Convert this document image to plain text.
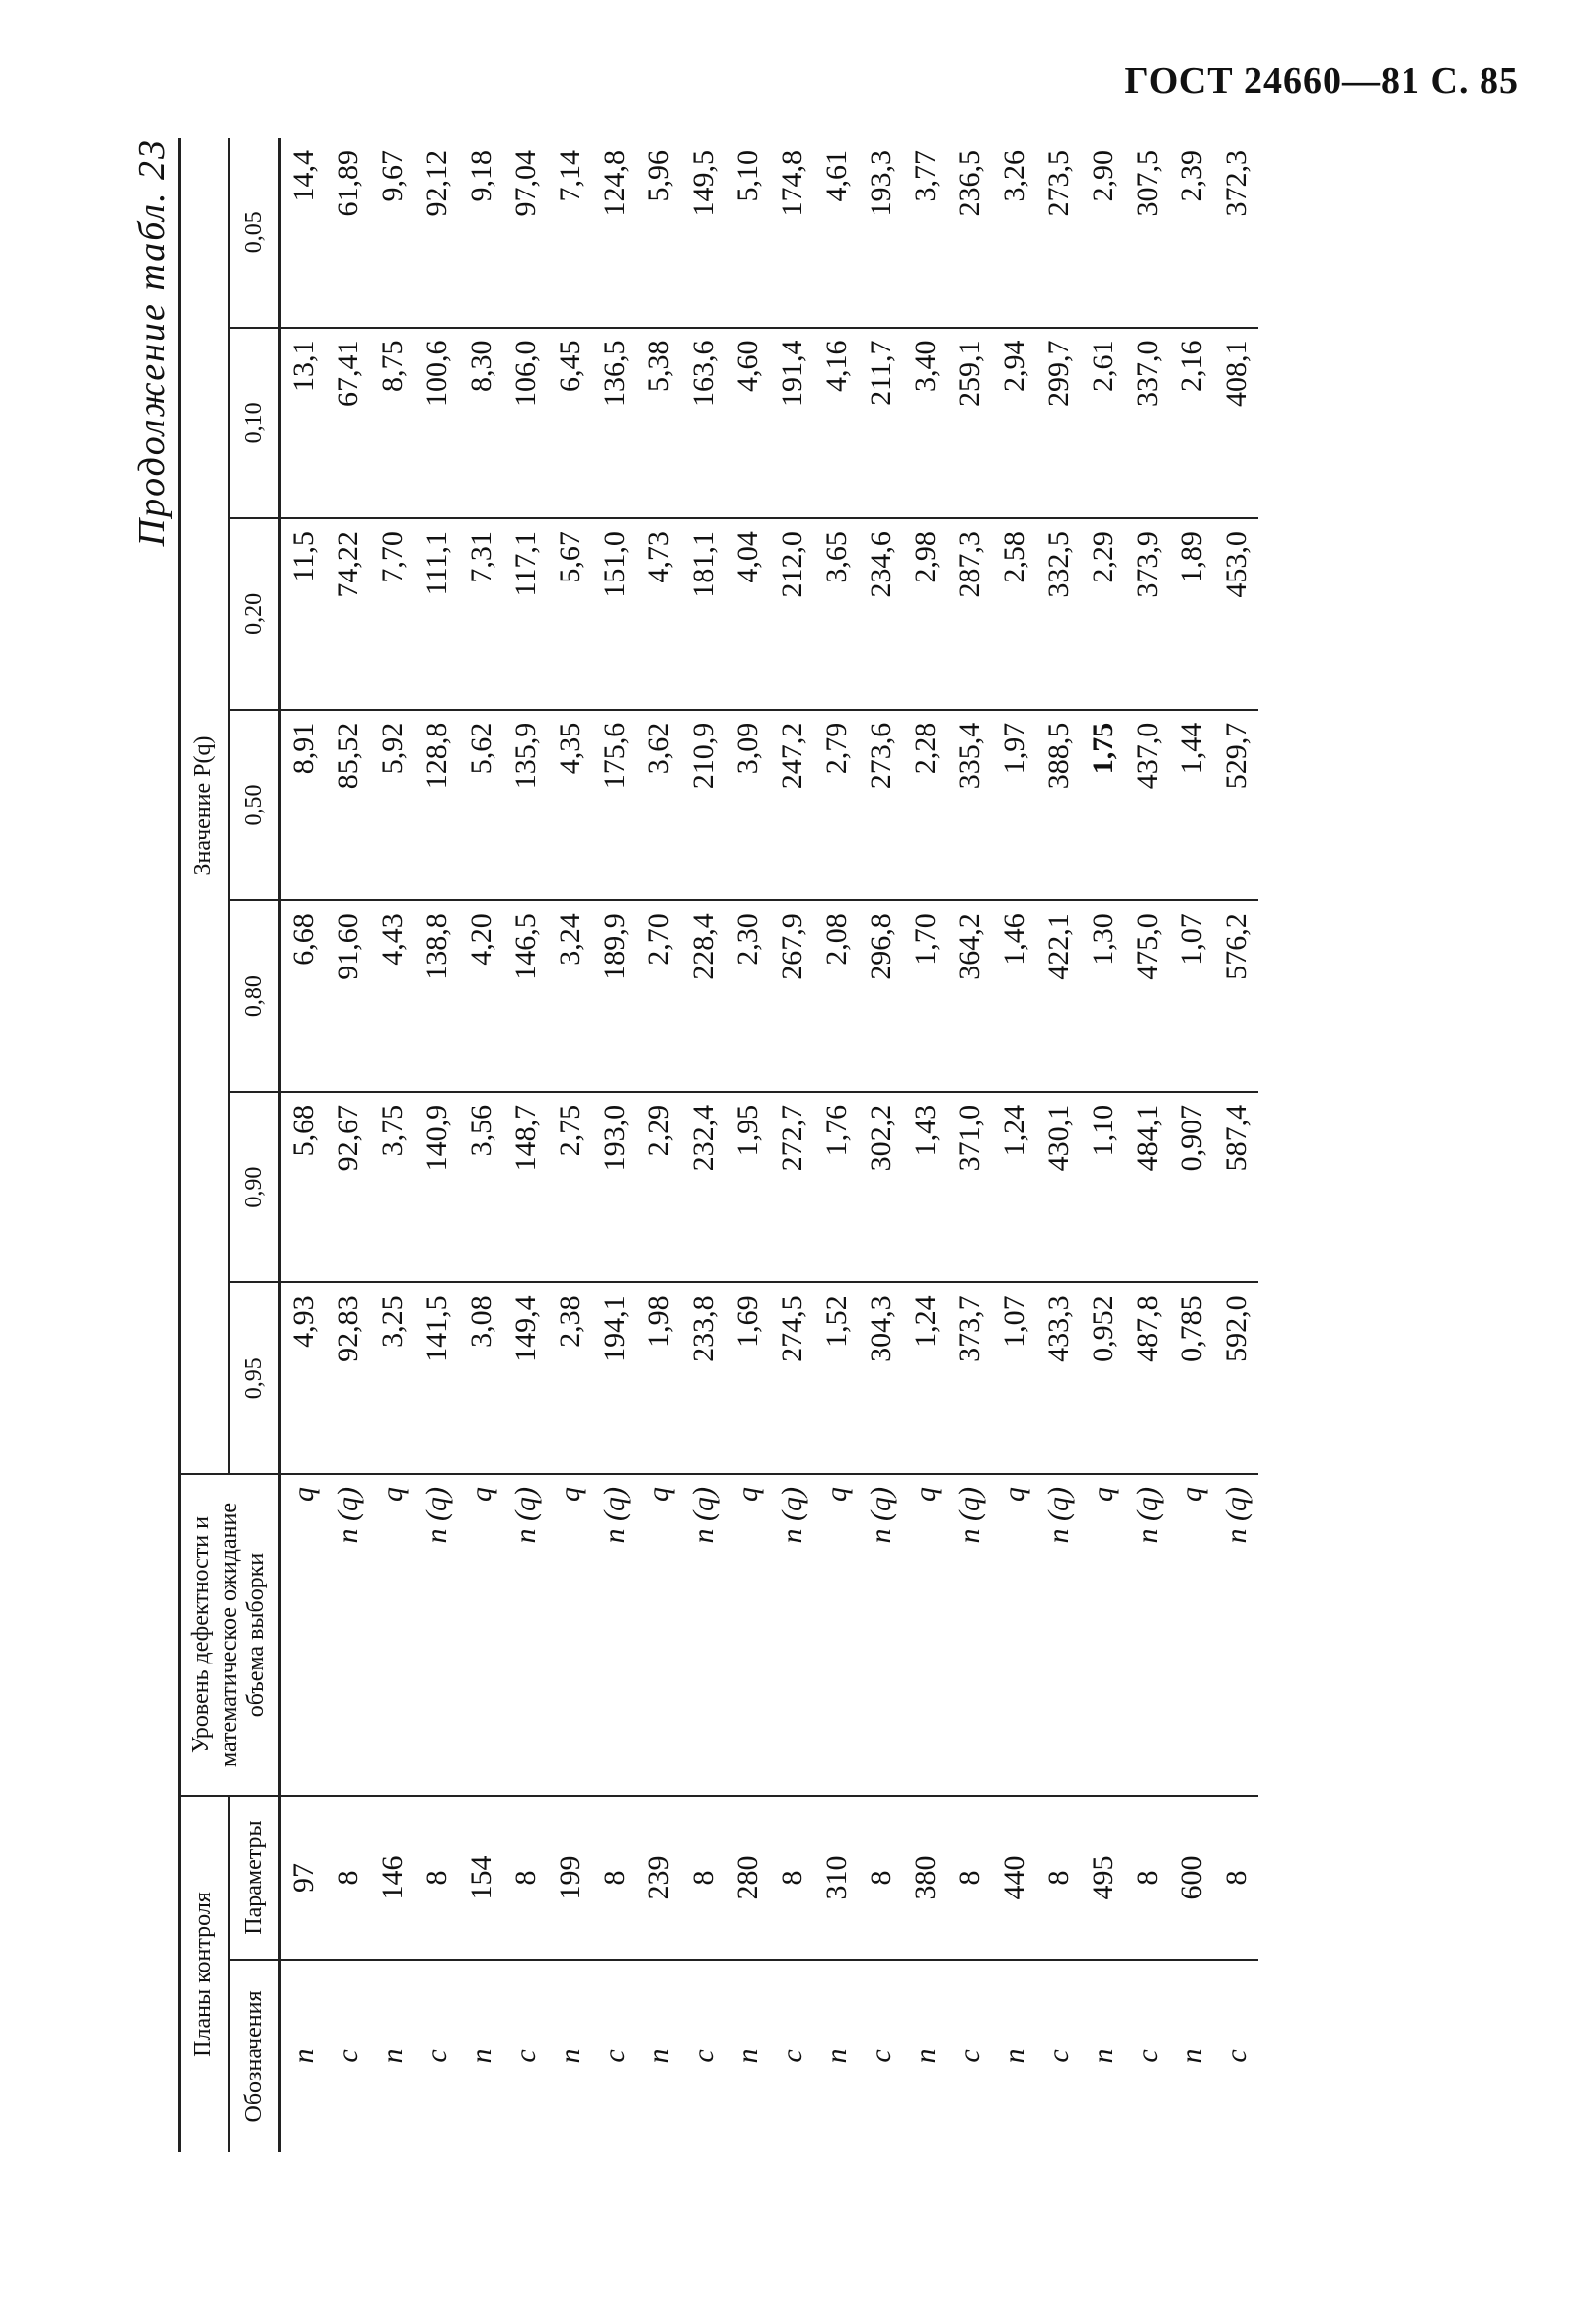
ГОСТ 24660—81 С. 85
Продолжение табл. 23
Планы контроля		Уровень дефектности и математическое ожидание объема выборки	Значение P(q)						
Обозначения	Параметры		0,95	0,90	0,80	0,50	0,20	0,10	0,05
n	97	q	4,93	5,68	6,68	8,91	11,5	13,1	14,4
c	8	n (q)	92,83	92,67	91,60	85,52	74,22	67,41	61,89
n	146	q	3,25	3,75	4,43	5,92	7,70	8,75	9,67
c	8	n (q)	141,5	140,9	138,8	128,8	111,1	100,6	92,12
n	154	q	3,08	3,56	4,20	5,62	7,31	8,30	9,18
c	8	n (q)	149,4	148,7	146,5	135,9	117,1	106,0	97,04
n	199	q	2,38	2,75	3,24	4,35	5,67	6,45	7,14
c	8	n (q)	194,1	193,0	189,9	175,6	151,0	136,5	124,8
n	239	q	1,98	2,29	2,70	3,62	4,73	5,38	5,96
c	8	n (q)	233,8	232,4	228,4	210,9	181,1	163,6	149,5
n	280	q	1,69	1,95	2,30	3,09	4,04	4,60	5,10
c	8	n (q)	274,5	272,7	267,9	247,2	212,0	191,4	174,8
n	310	q	1,52	1,76	2,08	2,79	3,65	4,16	4,61
c	8	n (q)	304,3	302,2	296,8	273,6	234,6	211,7	193,3
n	380	q	1,24	1,43	1,70	2,28	2,98	3,40	3,77
c	8	n (q)	373,7	371,0	364,2	335,4	287,3	259,1	236,5
n	440	q	1,07	1,24	1,46	1,97	2,58	2,94	3,26
c	8	n (q)	433,3	430,1	422,1	388,5	332,5	299,7	273,5
n	495	q	0,952	1,10	1,30	1,75	2,29	2,61	2,90
c	8	n (q)	487,8	484,1	475,0	437,0	373,9	337,0	307,5
n	600	q	0,785	0,907	1,07	1,44	1,89	2,16	2,39
c	8	n (q)	592,0	587,4	576,2	529,7	453,0	408,1	372,3
